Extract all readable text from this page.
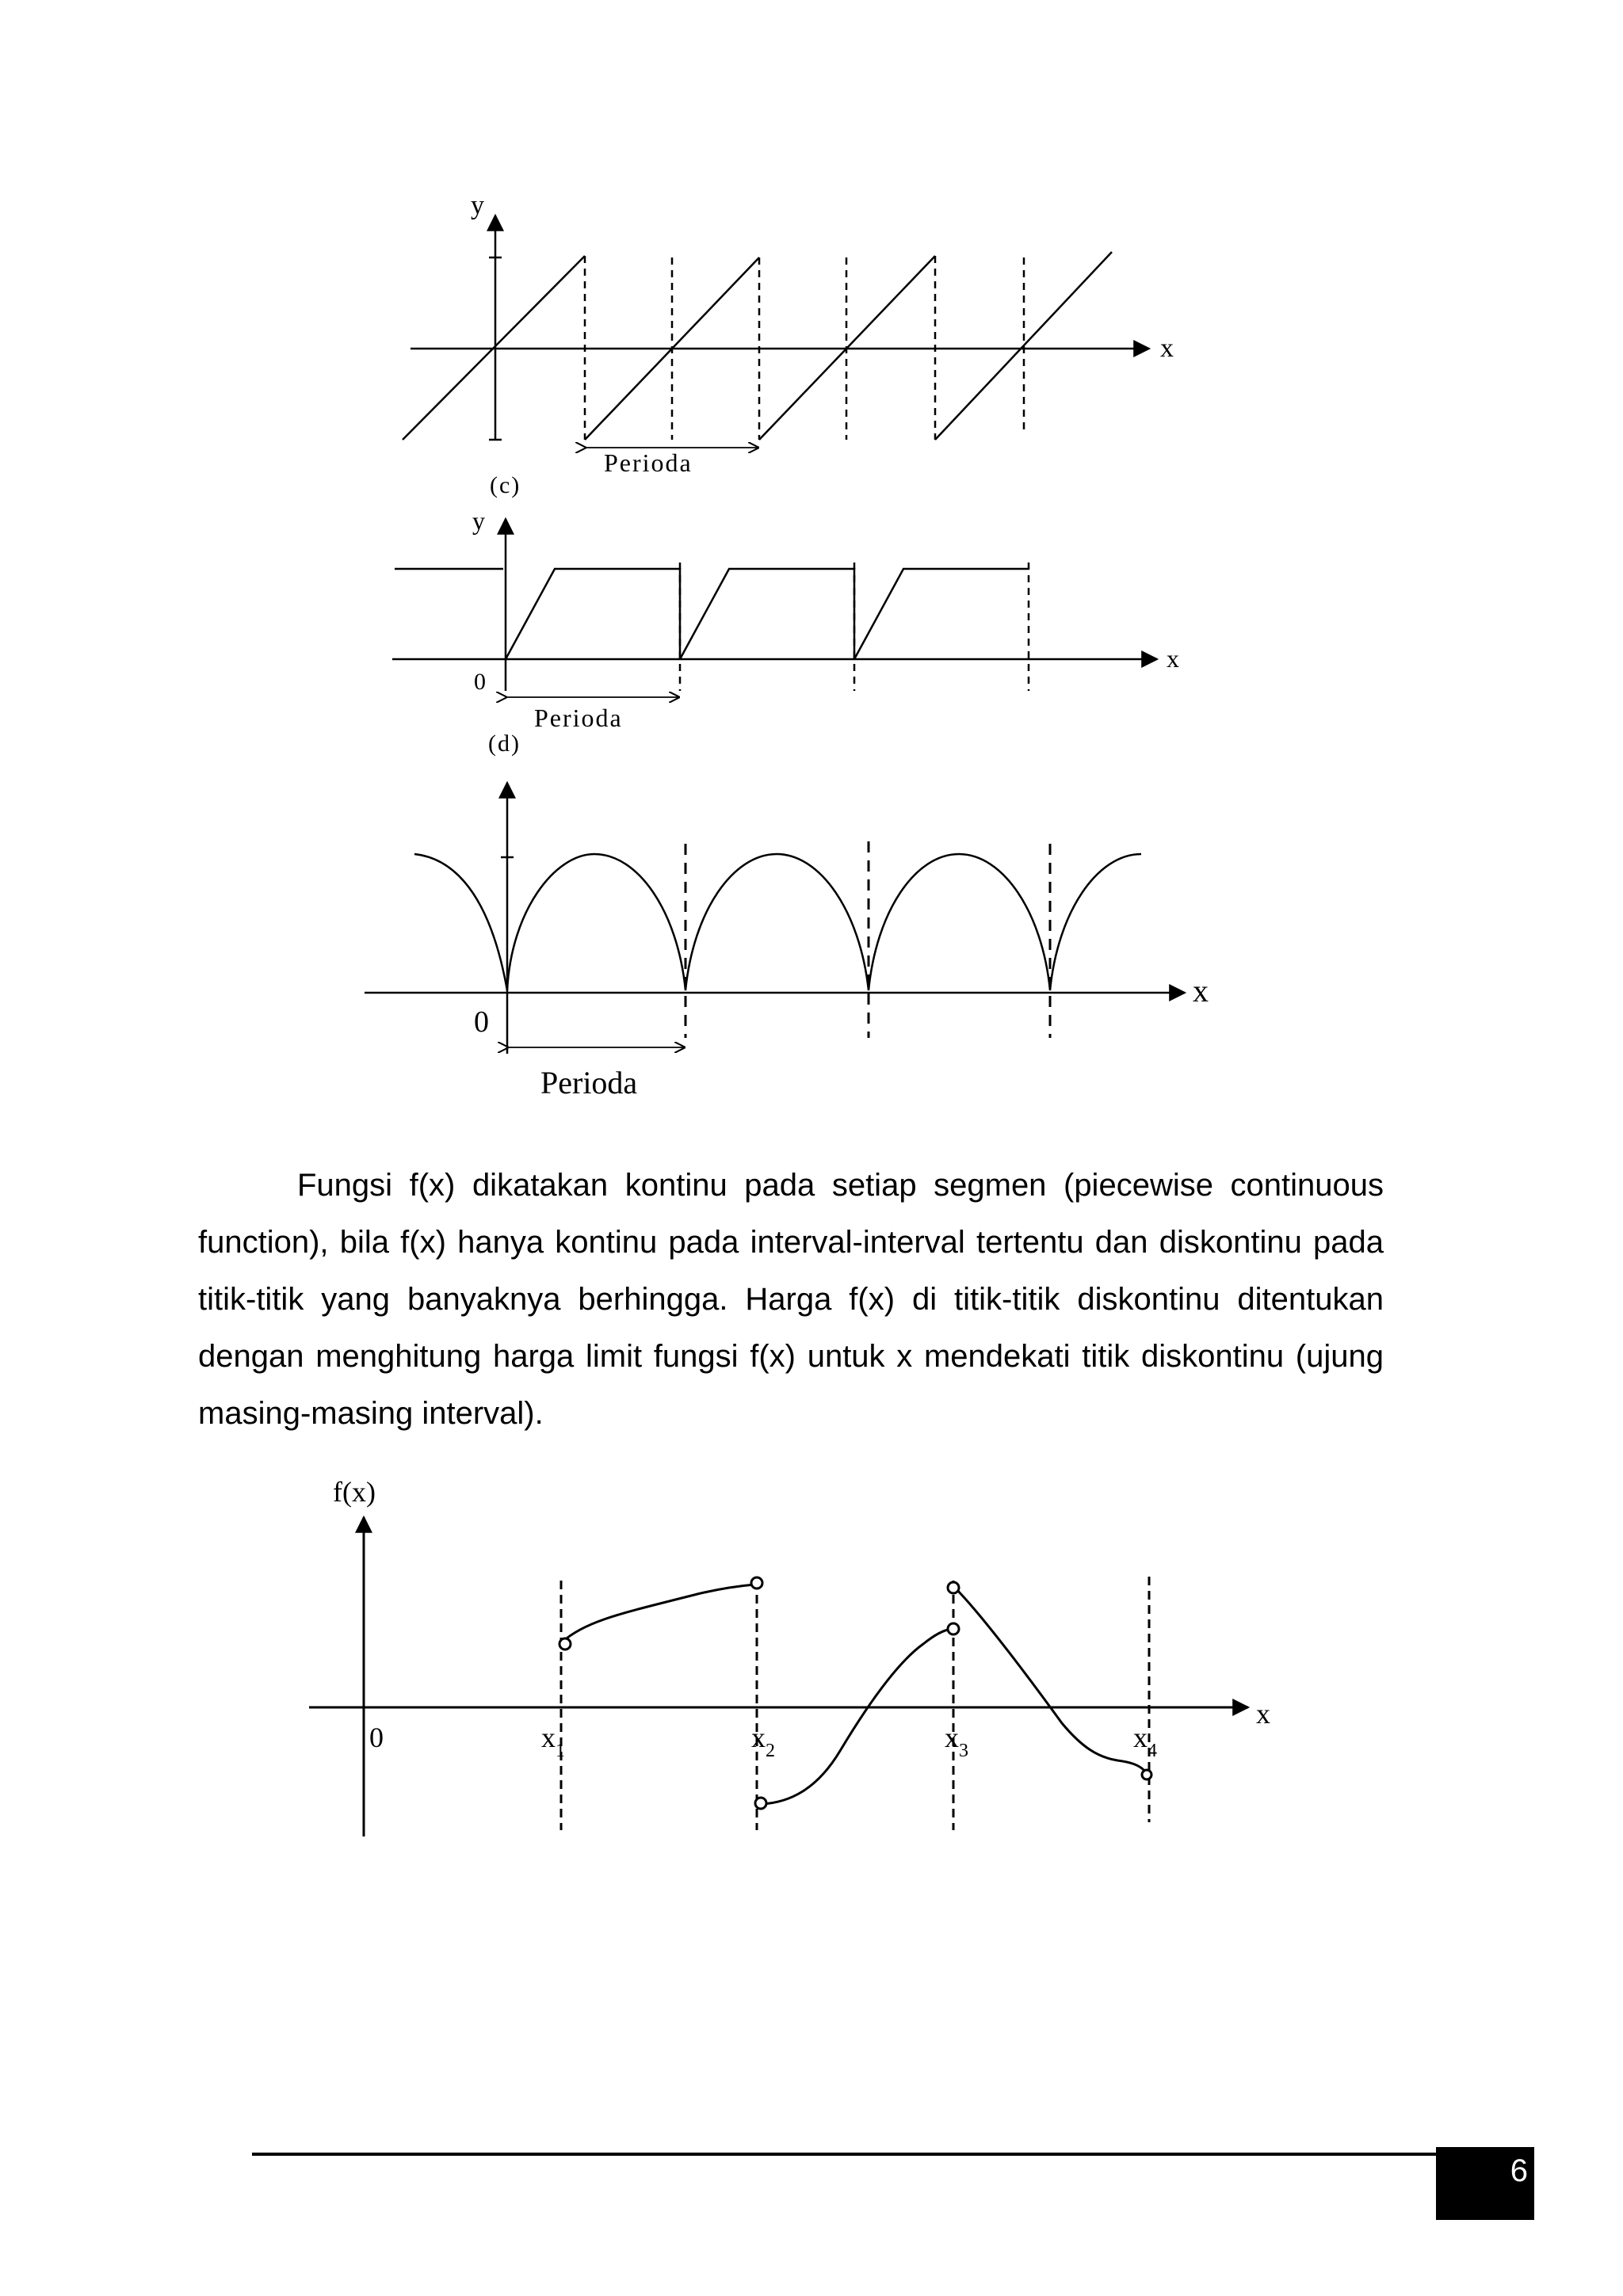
y
x
Perioda
(c)
y
x
0
Perioda
(d)
x
0
Perioda
f(x)
x
0	$x_1$	$x_2$	$x_3$	$x_4$

Fungsi f(x) dikatakan kontinu pada setiap segmen (piecewise continuous function), bila f(x) hanya kontinu pada interval-interval tertentu dan diskontinu pada titik-titik yang banyaknya berhingga. Harga f(x) di titik-titik diskontinu ditentukan dengan menghitung harga limit fungsi f(x) untuk x mendekati titik diskontinu (ujung masing-masing interval).

6
